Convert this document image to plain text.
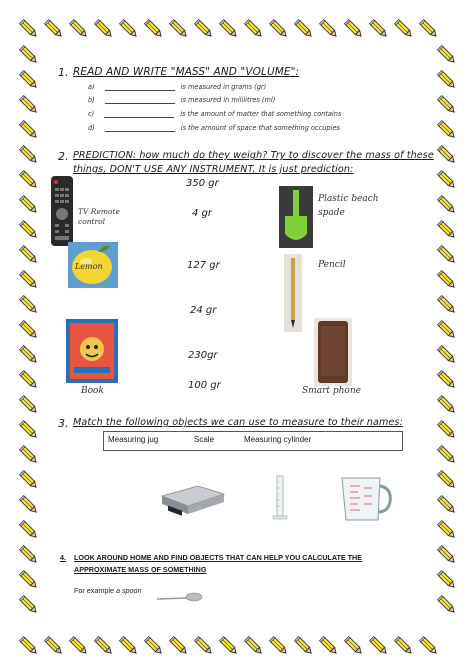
1. READ AND WRITE "MASS" AND "VOLUME":
a)	is measured in grams (gr)
b)	is measured in mililitres (ml)
c)	is the amount of matter that something contains
d)	is the amount of space that something occupies
2. PREDICTION: how much do they weigh? Try to discover the mass of these
things, DON'T USE ANY INSTRUMENT. It is just prediction:
TV Remote
control
Lemon
Book
350 gr
4 gr
127 gr
24 gr
230gr
100 gr
Plastic beach
spade
Pencil
Smart phone
3. Match the following objects we can use to measure to their names:
Measuring jug	Scale	Measuring cylinder
4. LOOK AROUND HOME AND FIND OBJECTS THAT CAN HELP YOU CALCULATE THE
APPROXIMATE MASS OF SOMETHING
For example a spoon
